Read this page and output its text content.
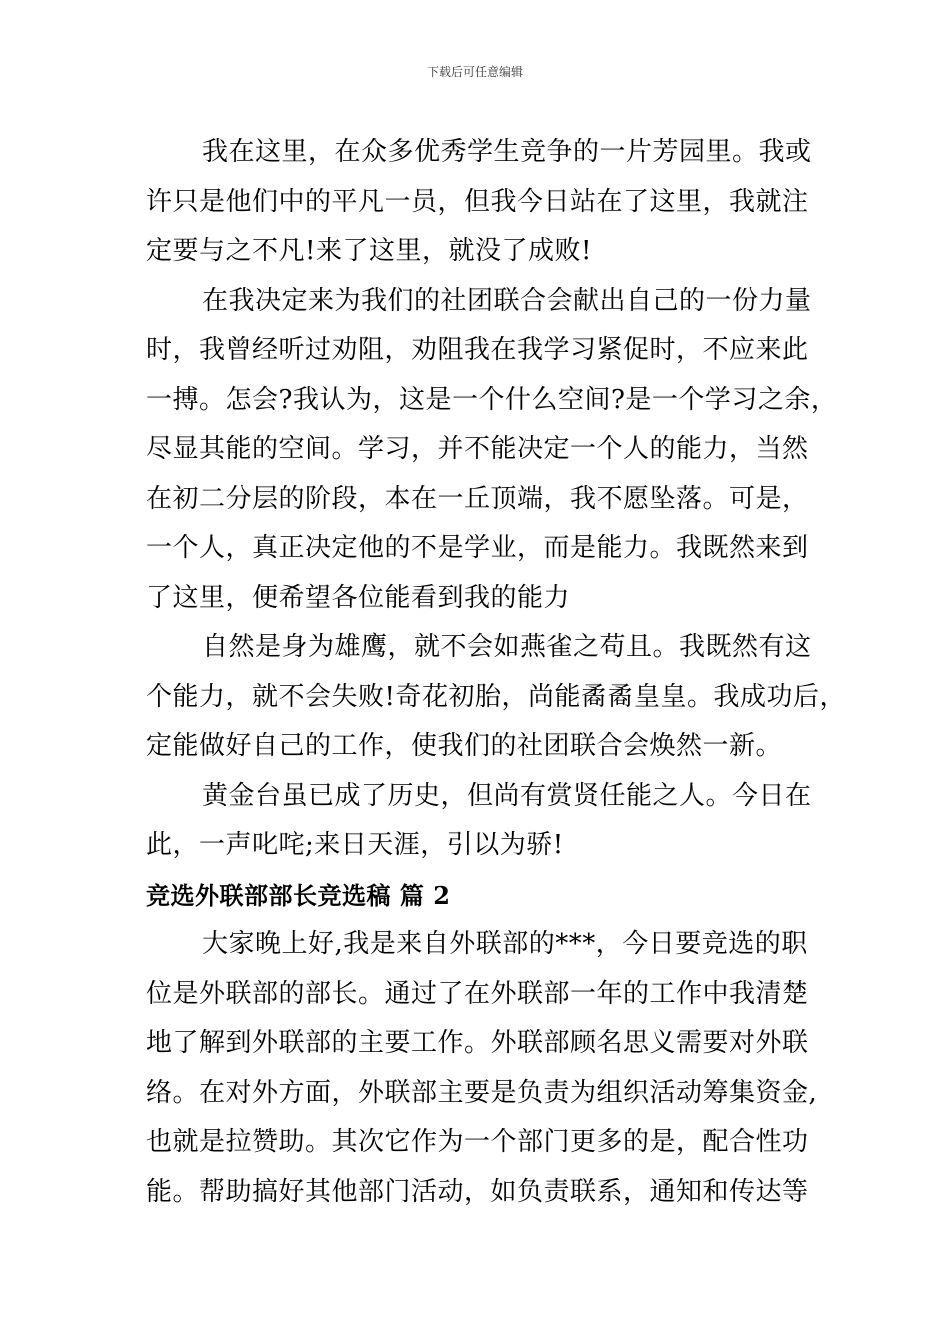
下载后可任意编辑

我在这里，在众多优秀学生竞争的一片芳园里。我或
许只是他们中的平凡一员，但我今日站在了这里，我就注
定要与之不凡!来了这里，就没了成败!

在我决定来为我们的社团联合会献出自己的一份力量
时，我曾经听过劝阻，劝阻我在我学习紧促时，不应来此
一搏。怎会?我认为，这是一个什么空间?是一个学习之余，
尽显其能的空间。学习，并不能决定一个人的能力，当然
在初二分层的阶段，本在一丘顶端，我不愿坠落。可是，
一个人，真正决定他的不是学业，而是能力。我既然来到
了这里，便希望各位能看到我的能力

自然是身为雄鹰，就不会如燕雀之苟且。我既然有这
个能力，就不会失败!奇花初胎，尚能矞矞皇皇。我成功后，
定能做好自己的工作，使我们的社团联合会焕然一新。

黄金台虽已成了历史，但尚有赏贤任能之人。今日在
此，一声叱咤;来日天涯，引以为骄!

竞选外联部部长竞选稿 篇 2

大家晚上好,我是来自外联部的***，今日要竞选的职
位是外联部的部长。通过了在外联部一年的工作中我清楚
地了解到外联部的主要工作。外联部顾名思义需要对外联
络。在对外方面，外联部主要是负责为组织活动筹集资金,
也就是拉赞助。其次它作为一个部门更多的是，配合性功
能。帮助搞好其他部门活动，如负责联系，通知和传达等
